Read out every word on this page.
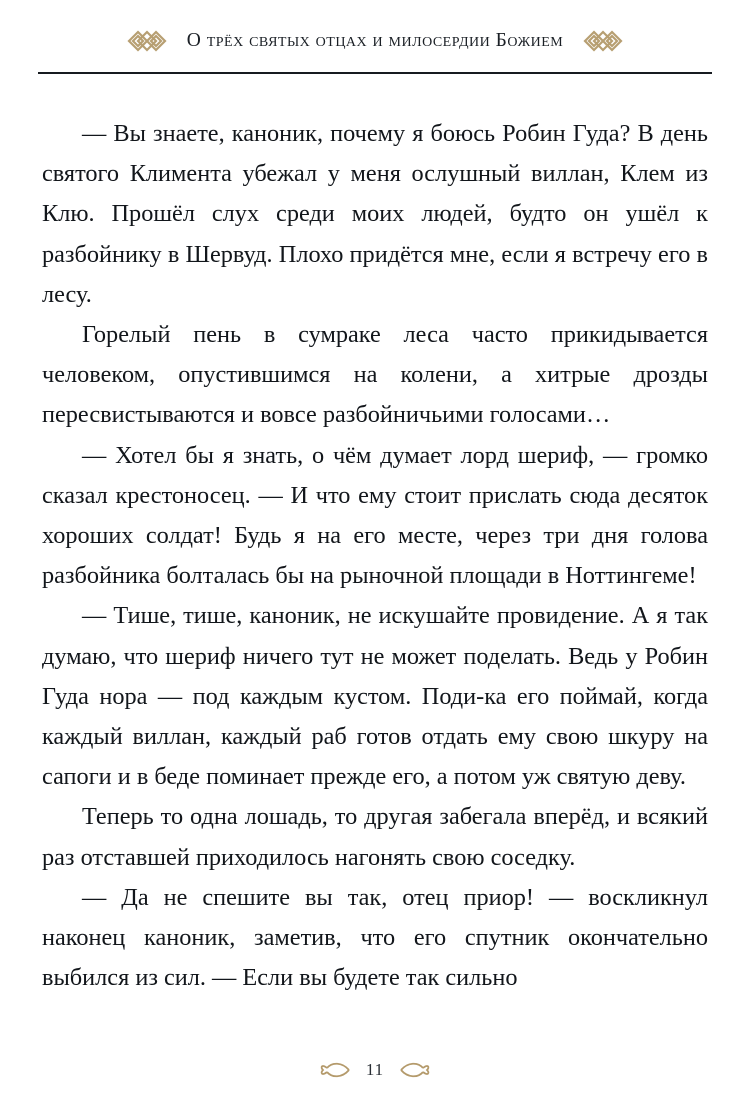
О трёх святых отцах и милосердии Божием

— Вы знаете, каноник, почему я боюсь Робин Гуда? В день святого Климента убежал у меня ослушный виллан, Клем из Клю. Прошёл слух среди моих людей, будто он ушёл к разбойнику в Шервуд. Плохо придётся мне, если я встречу его в лесу.

Горелый пень в сумраке леса часто прикидывается человеком, опустившимся на колени, а хитрые дрозды пересвистываются и вовсе разбойничьими голосами…

— Хотел бы я знать, о чём думает лорд шериф, — громко сказал крестоносец. — И что ему стоит прислать сюда десяток хороших солдат! Будь я на его месте, через три дня голова разбойника болталась бы на рыночной площади в Ноттингеме!

— Тише, тише, каноник, не искушайте провидение. А я так думаю, что шериф ничего тут не может поделать. Ведь у Робин Гуда нора — под каждым кустом. Поди-ка его поймай, когда каждый виллан, каждый раб готов отдать ему свою шкуру на сапоги и в беде поминает прежде его, а потом уж святую деву.

Теперь то одна лошадь, то другая забегала вперёд, и всякий раз отставшей приходилось нагонять свою соседку.

— Да не спешите вы так, отец приор! — воскликнул наконец каноник, заметив, что его спутник окончательно выбился из сил. — Если вы будете так сильно

11
